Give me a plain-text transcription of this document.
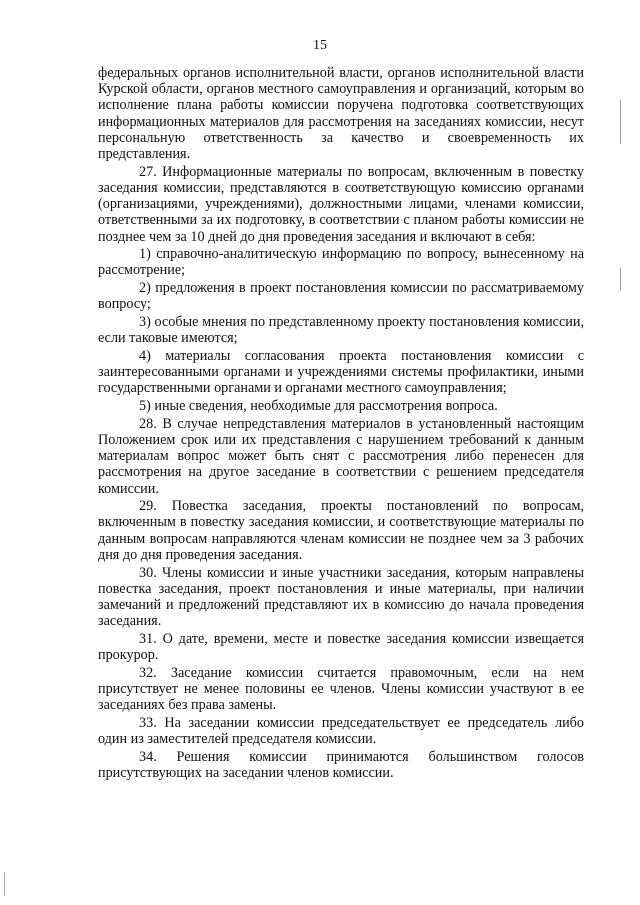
15

федеральных органов исполнительной власти, органов исполнительной власти Курской области, органов местного самоуправления и организаций, которым во исполнение плана работы комиссии поручена подготовка соответствующих информационных материалов для рассмотрения на заседаниях комиссии, несут персональную ответственность за качество и своевременность их представления.

27. Информационные материалы по вопросам, включенным в повестку заседания комиссии, представляются в соответствующую комиссию органами (организациями, учреждениями), должностными лицами, членами комиссии, ответственными за их подготовку, в соответствии с планом работы комиссии не позднее чем за 10 дней до дня проведения заседания и включают в себя:

1) справочно-аналитическую информацию по вопросу, вынесенному на рассмотрение;

2) предложения в проект постановления комиссии по рассматриваемому вопросу;

3) особые мнения по представленному проекту постановления комиссии, если таковые имеются;

4) материалы согласования проекта постановления комиссии с заинтересованными органами и учреждениями системы профилактики, иными государственными органами и органами местного самоуправления;

5) иные сведения, необходимые для рассмотрения вопроса.

28. В случае непредставления материалов в установленный настоящим Положением срок или их представления с нарушением требований к данным материалам вопрос может быть снят с рассмотрения либо перенесен для рассмотрения на другое заседание в соответствии с решением председателя комиссии.

29. Повестка заседания, проекты постановлений по вопросам, включенным в повестку заседания комиссии, и соответствующие материалы по данным вопросам направляются членам комиссии не позднее чем за 3 рабочих дня до дня проведения заседания.

30. Члены комиссии и иные участники заседания, которым направлены повестка заседания, проект постановления и иные материалы, при наличии замечаний и предложений представляют их в комиссию до начала проведения заседания.

31. О дате, времени, месте и повестке заседания комиссии извещается прокурор.

32. Заседание комиссии считается правомочным, если на нем присутствует не менее половины ее членов. Члены комиссии участвуют в ее заседаниях без права замены.

33. На заседании комиссии председательствует ее председатель либо один из заместителей председателя комиссии.

34. Решения комиссии принимаются большинством голосов присутствующих на заседании членов комиссии.
